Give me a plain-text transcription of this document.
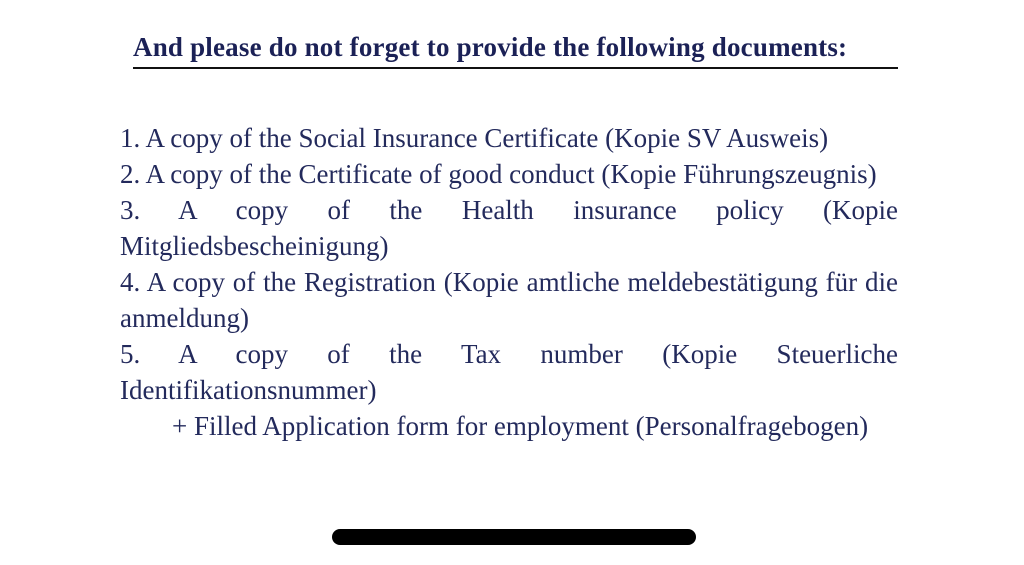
And please do not forget to provide the following documents:
1. A copy of the Social Insurance Certificate (Kopie SV Ausweis)
2. A copy of the Certificate of good conduct (Kopie Führungszeugnis)
3. A copy of the Health insurance policy (Kopie Mitgliedsbescheinigung)
4. A copy of the Registration (Kopie amtliche meldebestätigung für die anmeldung)
5. A copy of the Tax number (Kopie Steuerliche Identifikationsnummer)
+ Filled Application form for employment (Personalfragebogen)
